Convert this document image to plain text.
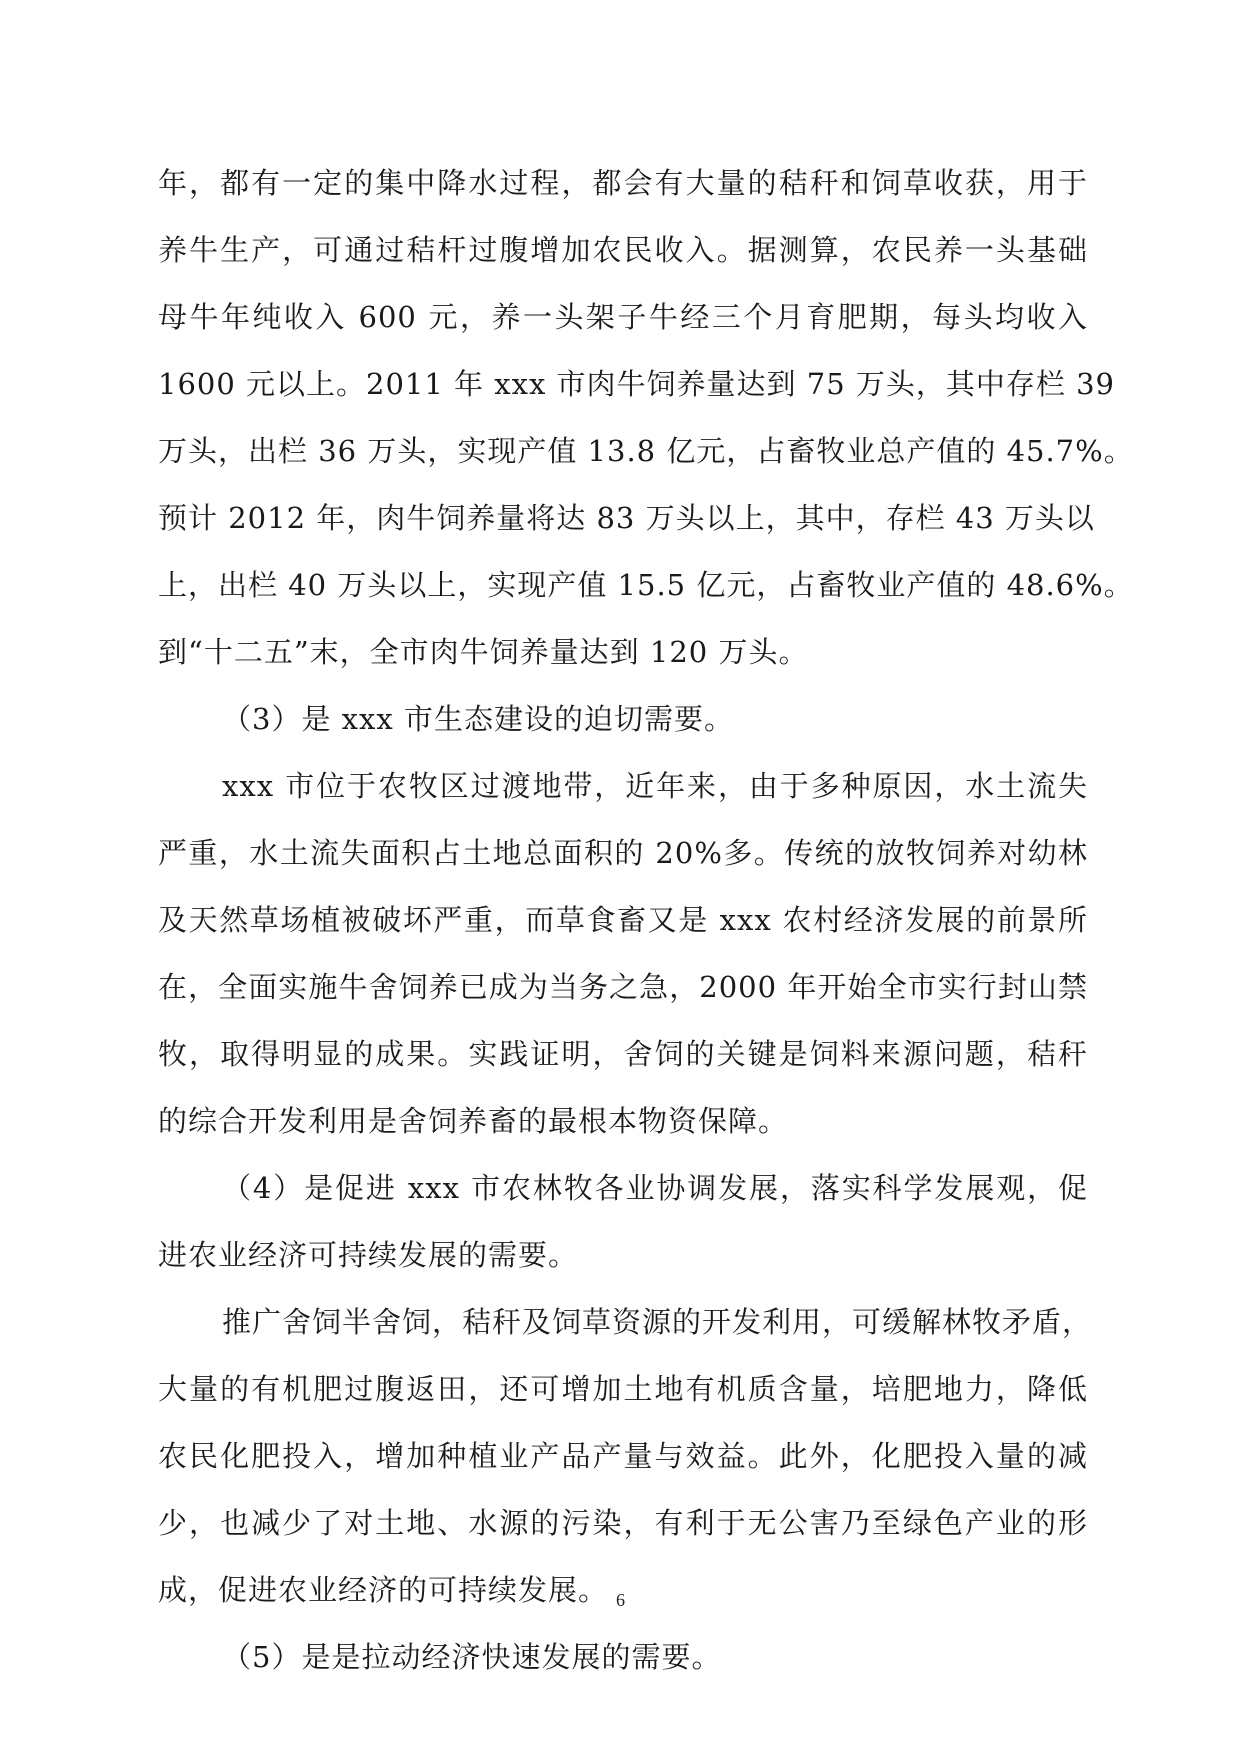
年，都有一定的集中降水过程，都会有大量的秸秆和饲草收获，用于
养牛生产，可通过秸杆过腹增加农民收入。据测算，农民养一头基础
母牛年纯收入 600 元，养一头架子牛经三个月育肥期，每头均收入
1600 元以上。2011 年 xxx 市肉牛饲养量达到 75 万头，其中存栏 39
万头，出栏 36 万头，实现产值 13.8 亿元，占畜牧业总产值的 45.7%。
预计 2012 年，肉牛饲养量将达 83 万头以上，其中，存栏 43 万头以
上，出栏 40 万头以上，实现产值 15.5 亿元，占畜牧业产值的 48.6%。
到“十二五”末，全市肉牛饲养量达到 120 万头。
（3）是 xxx 市生态建设的迫切需要。
xxx 市位于农牧区过渡地带，近年来，由于多种原因，水土流失
严重，水土流失面积占土地总面积的 20%多。传统的放牧饲养对幼林
及天然草场植被破坏严重，而草食畜又是 xxx 农村经济发展的前景所
在，全面实施牛舍饲养已成为当务之急，2000 年开始全市实行封山禁
牧，取得明显的成果。实践证明，舍饲的关键是饲料来源问题，秸秆
的综合开发利用是舍饲养畜的最根本物资保障。
（4）是促进 xxx 市农林牧各业协调发展，落实科学发展观，促
进农业经济可持续发展的需要。
推广舍饲半舍饲，秸秆及饲草资源的开发利用，可缓解林牧矛盾，
大量的有机肥过腹返田，还可增加土地有机质含量，培肥地力，降低
农民化肥投入，增加种植业产品产量与效益。此外，化肥投入量的减
少，也减少了对土地、水源的污染，有利于无公害乃至绿色产业的形
成，促进农业经济的可持续发展。
（5）是是拉动经济快速发展的需要。
6
